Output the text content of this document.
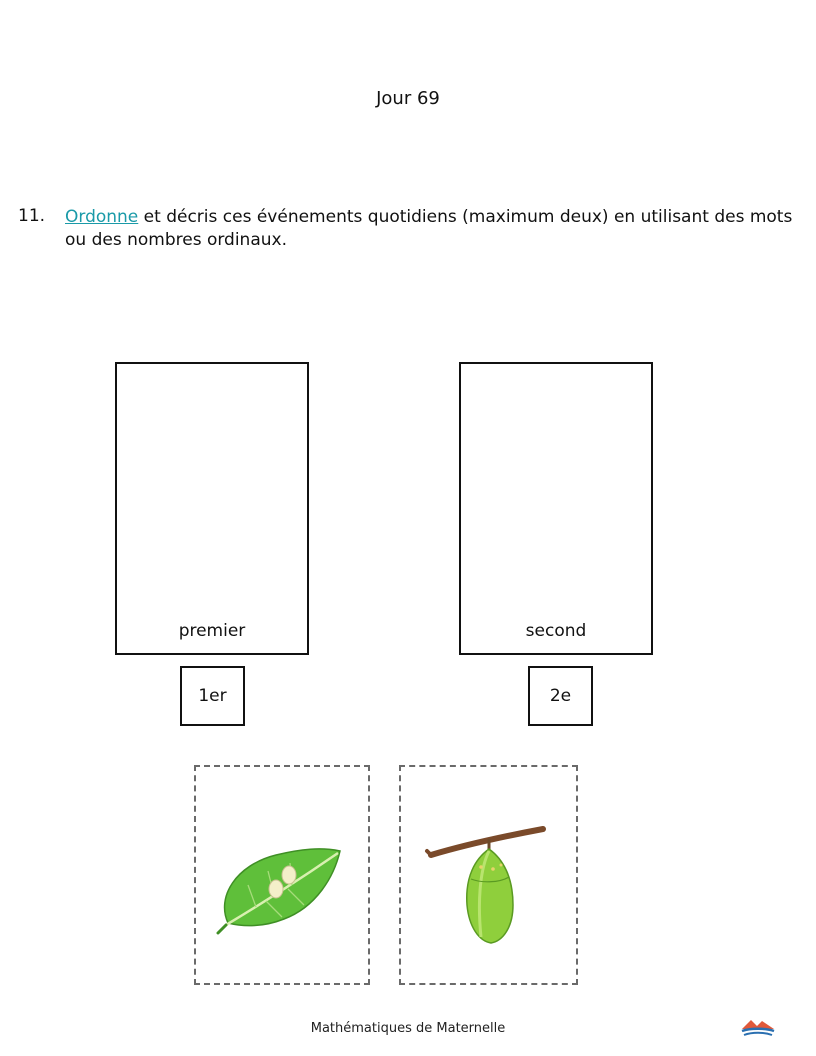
Jour 69
11. Ordonne et décris ces événements quotidiens (maximum deux) en utilisant des mots ou des nombres ordinaux.
premier	second
1er	2e
Mathématiques de Maternelle
